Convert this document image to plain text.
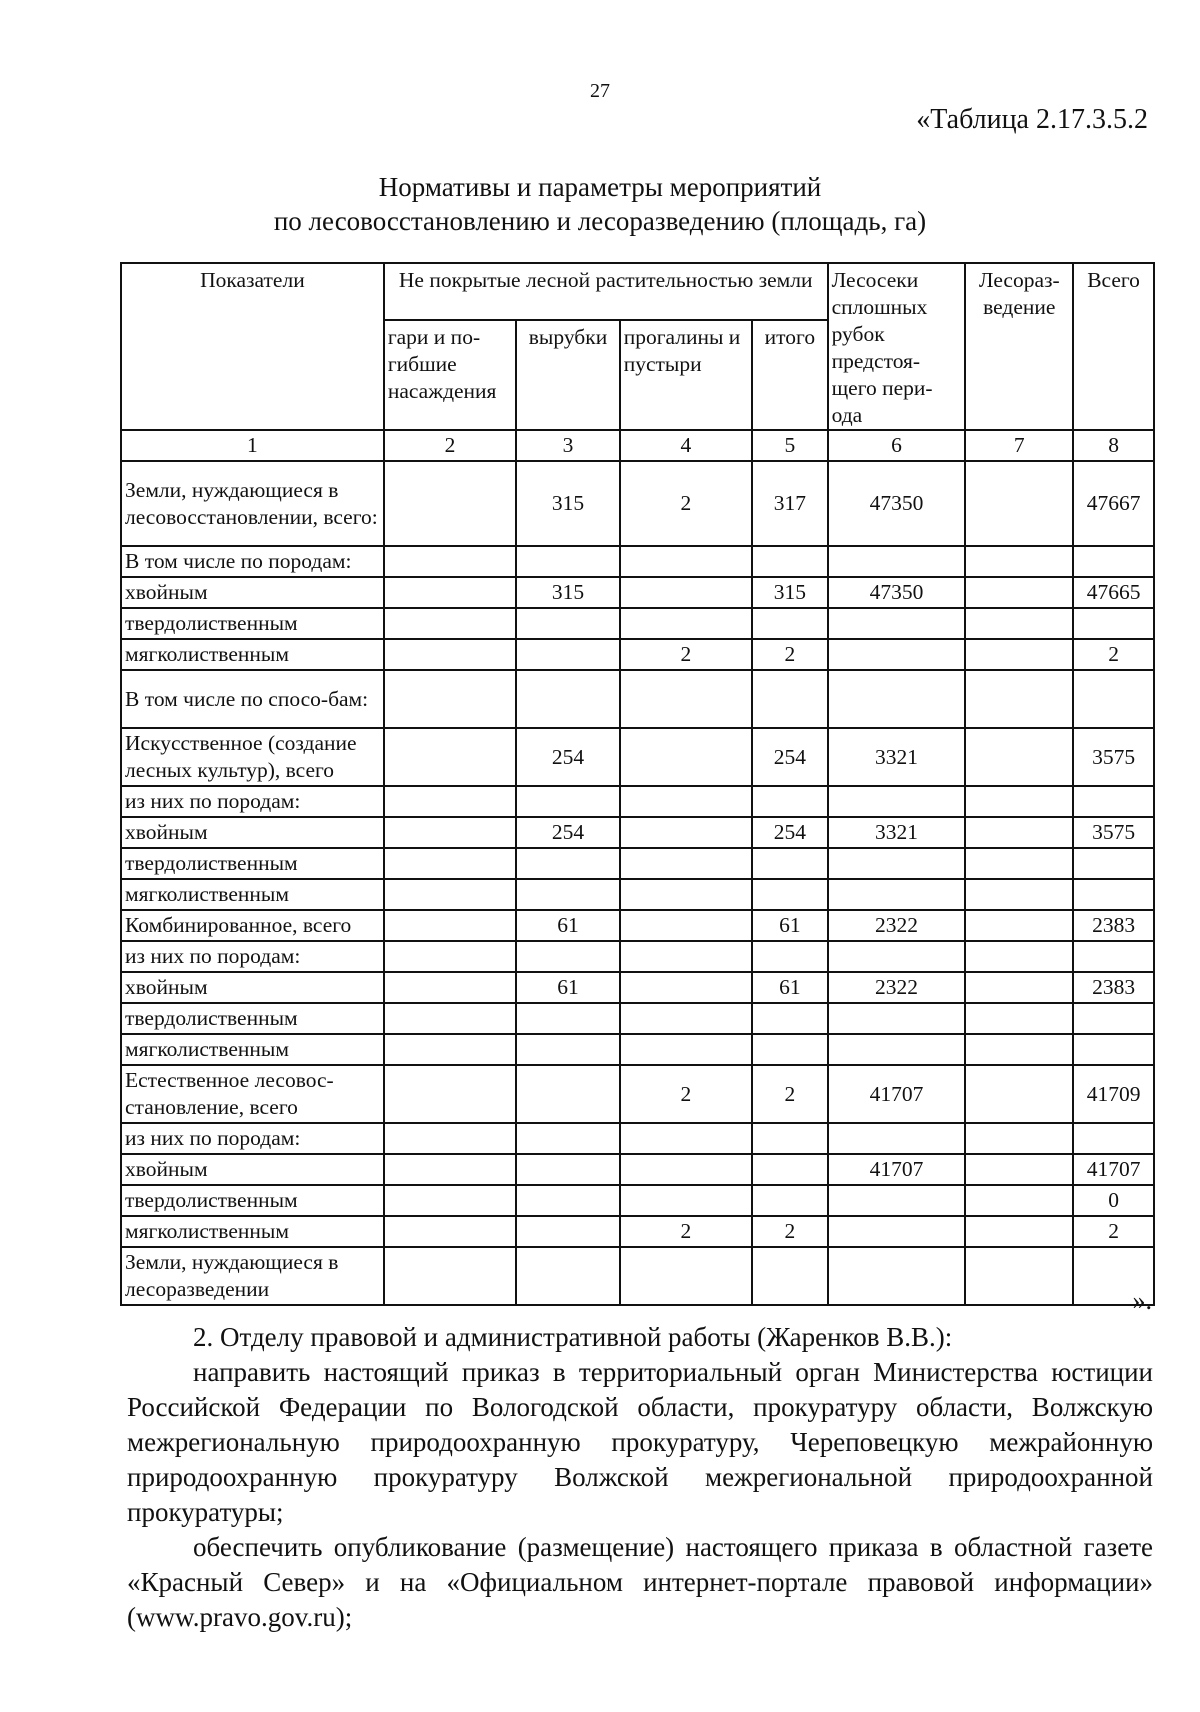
27
«Таблица 2.17.3.5.2
Нормативы и параметры мероприятий
по лесовосстановлению и лесоразведению (площадь, га)
Показатели	Не покрытые лесной растительностью земли				Лесосеки сплошных рубок предстоя-щего пери-ода	Лесораз-ведение	Всего
	гари и по-гибшие насаждения	вырубки	прогалины и пустыри	итого			
1	2	3	4	5	6	7	8
Земли, нуждающиеся в лесовосстановлении, всего:		315	2	317	47350		47667
В том числе по породам:							
хвойным		315		315	47350		47665
твердолиственным							
мягколиственным			2	2			2
В том числе по спосо-бам:							
Искусственное (создание лесных культур), всего		254		254	3321		3575
из них по породам:							
хвойным		254		254	3321		3575
твердолиственным							
мягколиственным							
Комбинированное, всего		61		61	2322		2383
из них по породам:							
хвойным		61		61	2322		2383
твердолиственным							
мягколиственным							
Естественное лесовос-становление, всего			2	2	41707		41709
из них по породам:							
хвойным					41707		41707
твердолиственным							0
мягколиственным			2	2			2
Земли, нуждающиеся в лесоразведении								».

2. Отделу правовой и административной работы (Жаренков В.В.):

направить настоящий приказ в территориальный орган Министерства юстиции Российской Федерации по Вологодской области, прокуратуру области, Волжскую межрегиональную природоохранную прокуратуру, Череповецкую межрайонную природоохранную прокуратуру Волжской межрегиональной природоохранной прокуратуры;

обеспечить опубликование (размещение) настоящего приказа в областной газете «Красный Север» и на «Официальном интернет-портале правовой информации» (www.pravo.gov.ru);
